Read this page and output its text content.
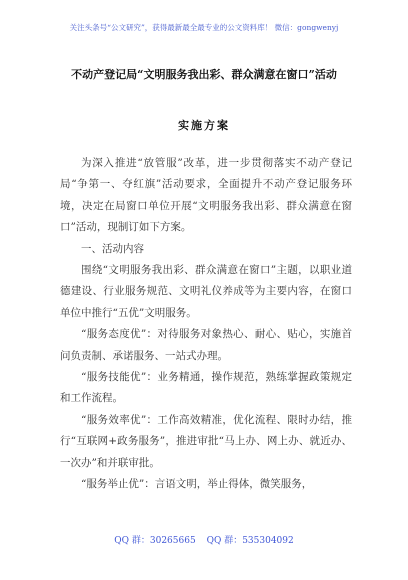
关注头条号“公文研究”，获得最新最全最专业的公文资料库！ 微信：gongwenyj
不动产登记局“文明服务我出彩、群众满意在窗口”活动
实施方案

为深入推进“放管服”改革，进一步贯彻落实不动产登记局“争第一、夺红旗”活动要求，全面提升不动产登记服务环境，决定在局窗口单位开展“文明服务我出彩、群众满意在窗口”活动，现制订如下方案。

一、活动内容

围绕“文明服务我出彩、群众满意在窗口”主题，以职业道德建设、行业服务规范、文明礼仪养成等为主要内容，在窗口单位中推行“五优”文明服务。

“服务态度优”：对待服务对象热心、耐心、贴心，实施首问负责制、承诺服务、一站式办理。

“服务技能优”：业务精通，操作规范，熟练掌握政策规定和工作流程。

“服务效率优”：工作高效精准，优化流程、限时办结，推行“互联网+政务服务”，推进审批“马上办、网上办、就近办、一次办”和并联审批。

“服务举止优”：言语文明，举止得体，微笑服务，

QQ 群：30265665 QQ 群：535304092
